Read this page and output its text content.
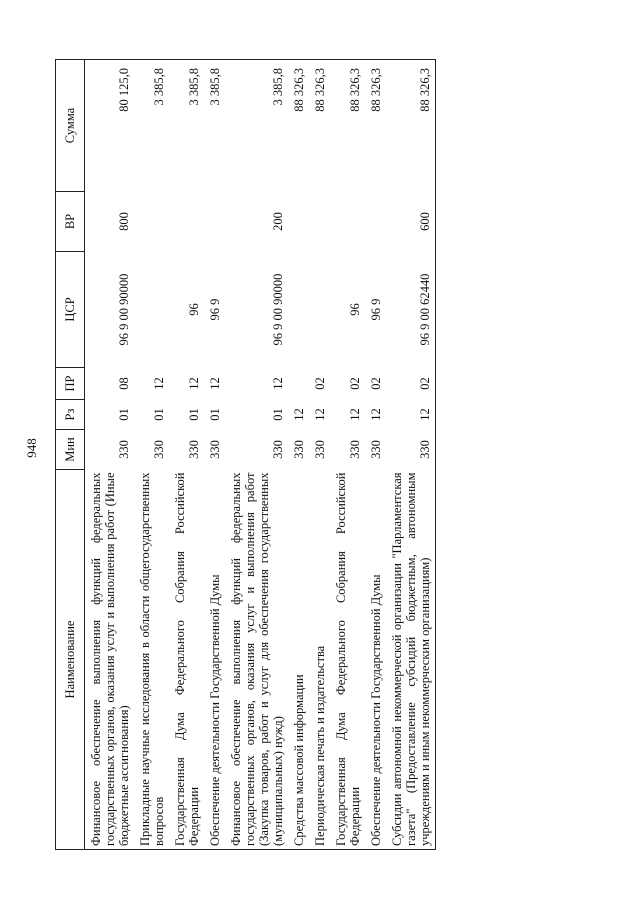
948
Наименование	Мин	Рз	ПР	ЦСР	ВР	Сумма
Финансовое обеспечение выполнения функций федеральных государственных органов, оказания услуг и выполнения работ (Иные бюджетные ассигнования)	330	01	08	96 9 00 90000	800	80 125,0
Прикладные научные исследования в области общегосударственных вопросов	330	01	12			3 385,8
Государственная Дума Федерального Собрания Российской Федерации	330	01	12	96		3 385,8
Обеспечение деятельности Государственной Думы	330	01	12	96 9		3 385,8
Финансовое обеспечение выполнения функций федеральных государственных органов, оказания услуг и выполнения работ (Закупка товаров, работ и услуг для обеспечения государственных (муниципальных) нужд)	330	01	12	96 9 00 90000	200	3 385,8
Средства массовой информации	330	12				88 326,3
Периодическая печать и издательства	330	12	02			88 326,3
Государственная Дума Федерального Собрания Российской Федерации	330	12	02	96		88 326,3
Обеспечение деятельности Государственной Думы	330	12	02	96 9		88 326,3
Субсидии автономной некоммерческой организации "Парламентская газета" (Предоставление субсидий бюджетным, автономным учреждениям и иным некоммерческим организациям)	330	12	02	96 9 00 62440	600	88 326,3
